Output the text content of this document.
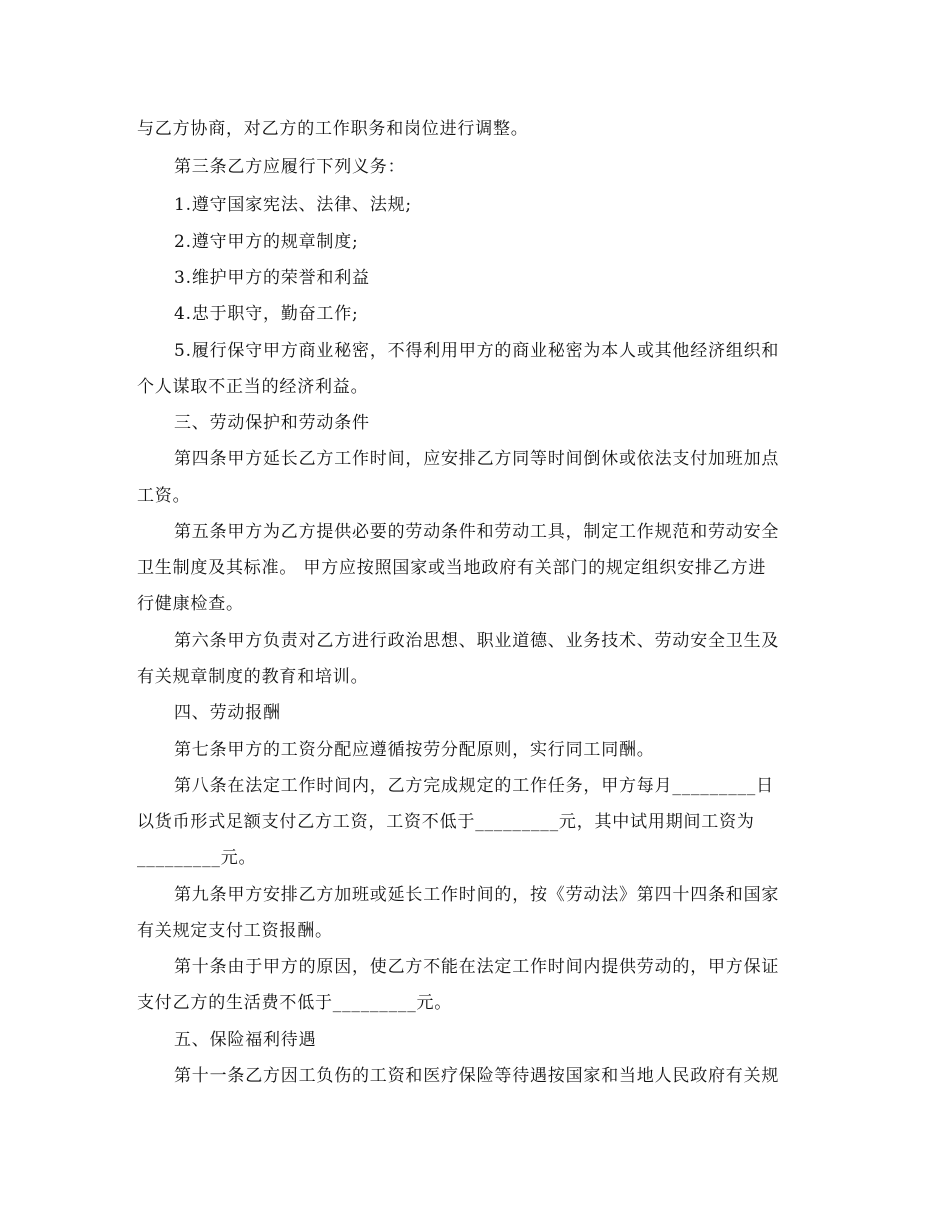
与乙方协商，对乙方的工作职务和岗位进行调整。
第三条乙方应履行下列义务：
1.遵守国家宪法、法律、法规;
2.遵守甲方的规章制度;
3.维护甲方的荣誉和利益
4.忠于职守，勤奋工作;
5.履行保守甲方商业秘密，不得利用甲方的商业秘密为本人或其他经济组织和
个人谋取不正当的经济利益。
三、劳动保护和劳动条件
第四条甲方延长乙方工作时间，应安排乙方同等时间倒休或依法支付加班加点
工资。
第五条甲方为乙方提供必要的劳动条件和劳动工具，制定工作规范和劳动安全
卫生制度及其标准。 甲方应按照国家或当地政府有关部门的规定组织安排乙方进
行健康检查。
第六条甲方负责对乙方进行政治思想、职业道德、业务技术、劳动安全卫生及
有关规章制度的教育和培训。
四、劳动报酬
第七条甲方的工资分配应遵循按劳分配原则，实行同工同酬。
第八条在法定工作时间内，乙方完成规定的工作任务，甲方每月_________日
以货币形式足额支付乙方工资，工资不低于_________元，其中试用期间工资为
_________元。
第九条甲方安排乙方加班或延长工作时间的，按《劳动法》第四十四条和国家
有关规定支付工资报酬。
第十条由于甲方的原因，使乙方不能在法定工作时间内提供劳动的，甲方保证
支付乙方的生活费不低于_________元。
五、保险福利待遇
第十一条乙方因工负伤的工资和医疗保险等待遇按国家和当地人民政府有关规
